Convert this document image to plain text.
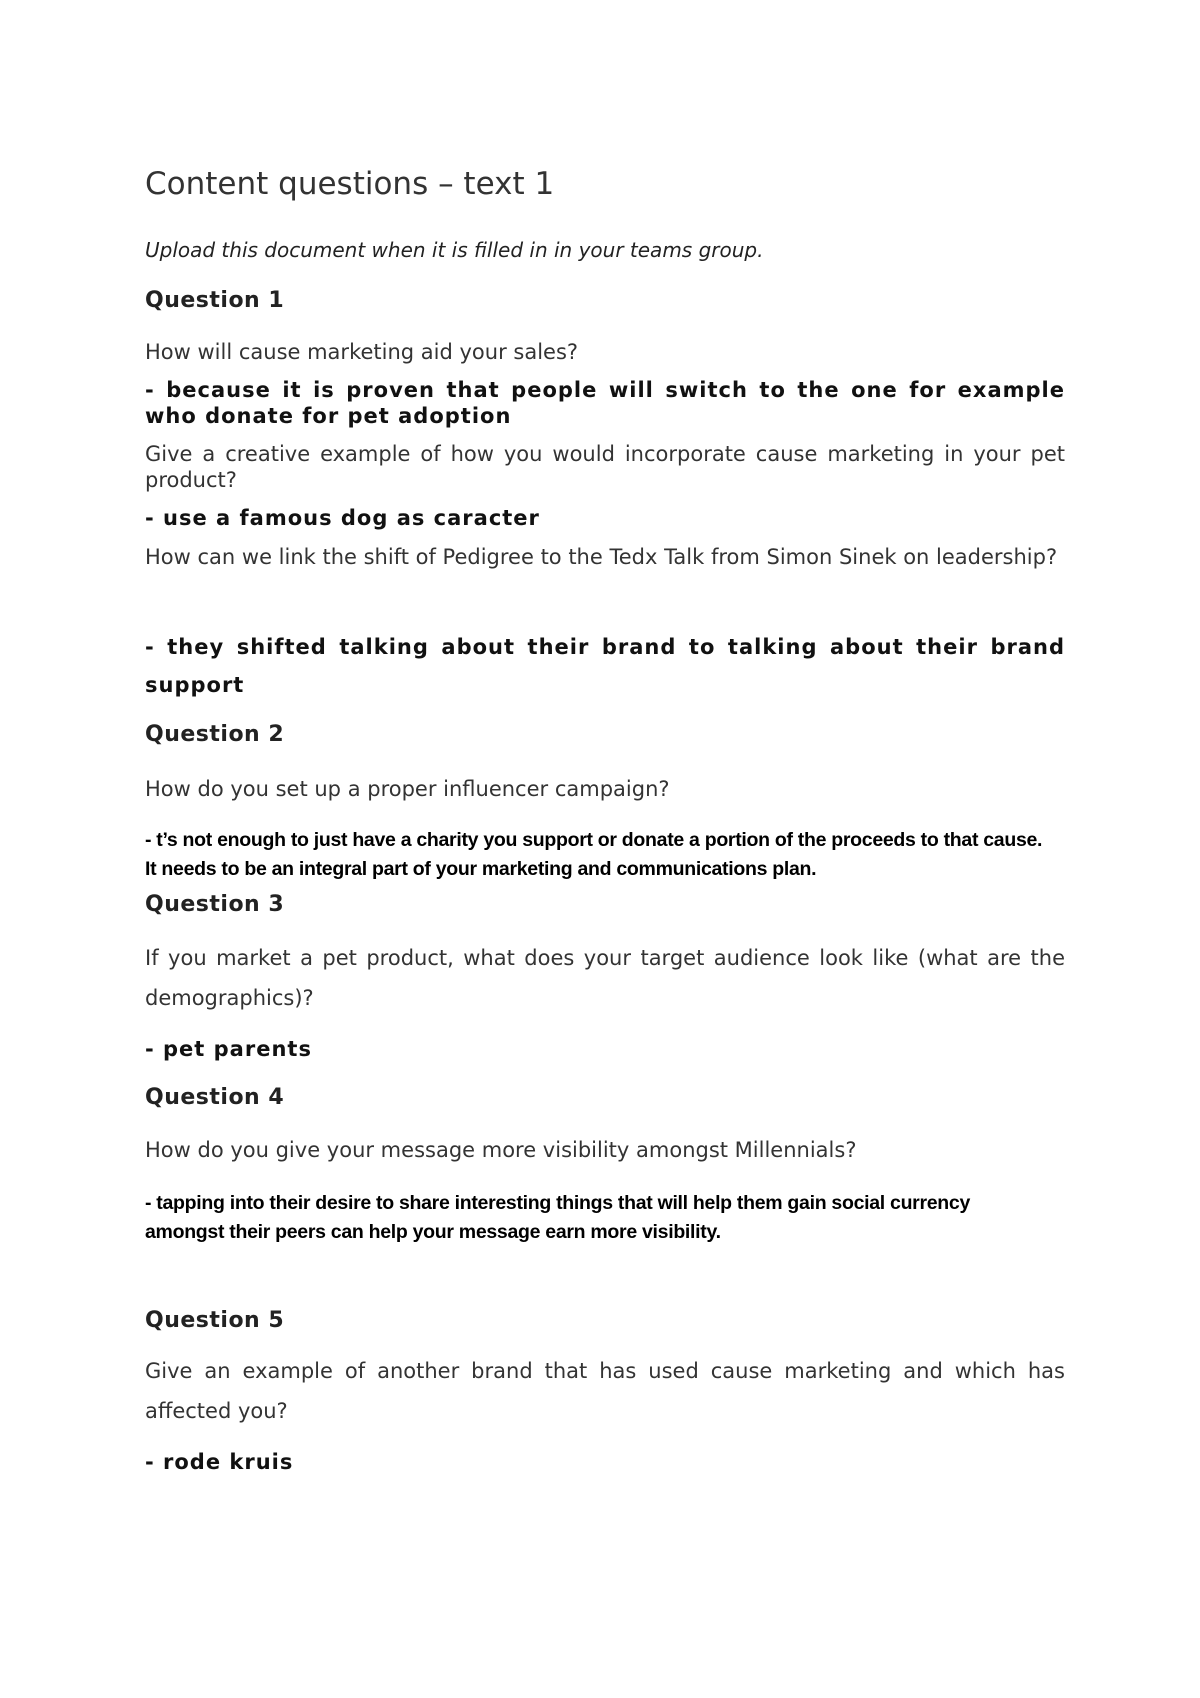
Content questions – text 1

Upload this document when it is filled in in your teams group.

Question 1

How will cause marketing aid your sales?

- because it is proven that people will switch to the one for example who donate for pet adoption

Give a creative example of how you would incorporate cause marketing in your pet product?

- use a famous dog as caracter

How can we link the shift of Pedigree to the Tedx Talk from Simon Sinek on leadership?

- they shifted talking about their brand to talking about their brand support

Question 2

How do you set up a proper influencer campaign?

- t’s not enough to just have a charity you support or donate a portion of the proceeds to that cause. It needs to be an integral part of your marketing and communications plan.

Question 3

If you market a pet product, what does your target audience look like (what are the demographics)?

- pet parents

Question 4

How do you give your message more visibility amongst Millennials?

- tapping into their desire to share interesting things that will help them gain social currency amongst their peers can help your message earn more visibility.

Question 5

Give an example of another brand that has used cause marketing and which has affected you?

- rode kruis
